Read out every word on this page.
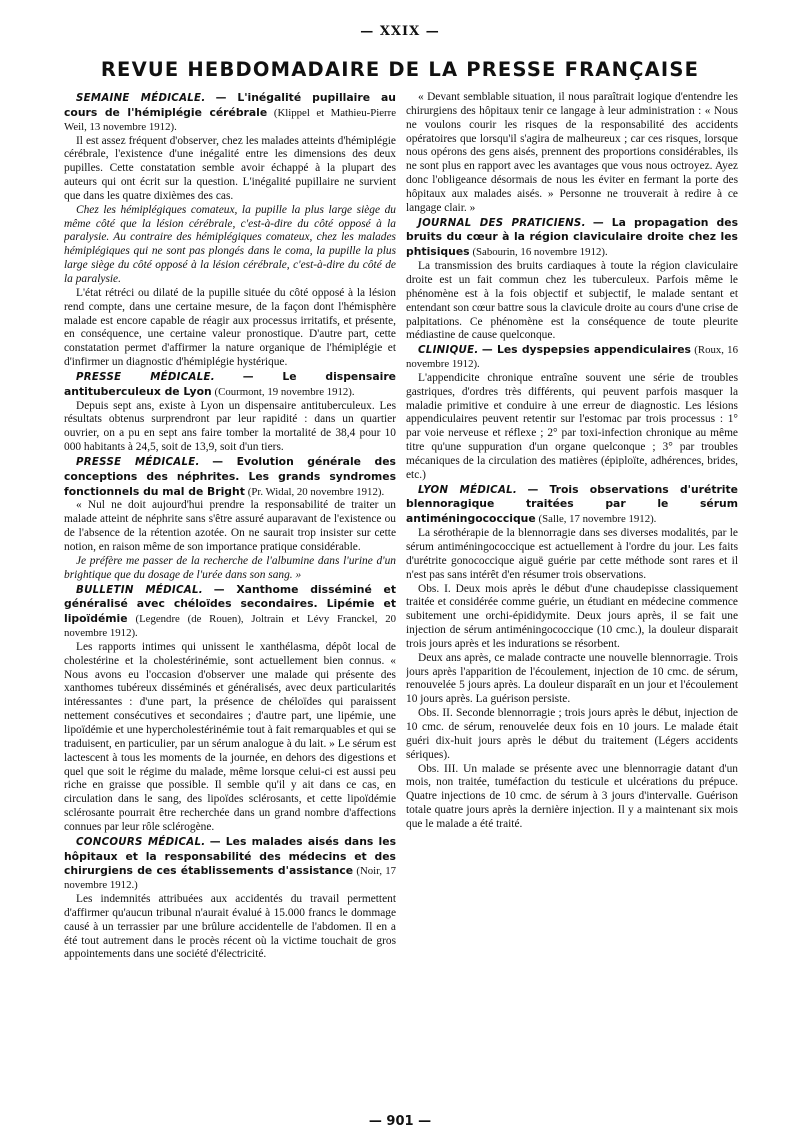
— XXIX —
REVUE HEBDOMADAIRE DE LA PRESSE FRANÇAISE

SEMAINE MÉDICALE. — L'inégalité pupillaire au cours de l'hémiplégie cérébrale (Klippel et Mathieu-Pierre Weil, 13 novembre 1912).

Il est assez fréquent d'observer, chez les malades atteints d'hémiplégie cérébrale, l'existence d'une inégalité entre les dimensions des deux pupilles. Cette constatation semble avoir échappé à la plupart des auteurs qui ont écrit sur la question. L'inégalité pupillaire ne survient que dans les quatre dixièmes des cas.

Chez les hémiplégiques comateux, la pupille la plus large siège du même côté que la lésion cérébrale, c'est-à-dire du côté opposé à la paralysie. Au contraire des hémiplégiques comateux, chez les malades hémiplégiques qui ne sont pas plongés dans le coma, la pupille la plus large siège du côté opposé à la lésion cérébrale, c'est-à-dire du côté de la paralysie.

L'état rétréci ou dilaté de la pupille située du côté opposé à la lésion rend compte, dans une certaine mesure, de la façon dont l'hémisphère malade est encore capable de réagir aux processus irritatifs, et présente, en conséquence, une certaine valeur pronostique. D'autre part, cette constatation permet d'affirmer la nature organique de l'hémiplégie et d'infirmer un diagnostic d'hémiplégie hystérique.

PRESSE MÉDICALE.	— Le dispensaire antituberculeux de Lyon (Courmont, 19 novembre 1912).

Depuis sept ans, existe à Lyon un dispensaire antituberculeux. Les résultats obtenus surprendront par leur rapidité : dans un quartier ouvrier, on a pu en sept ans faire tomber la mortalité de 38,4 pour 10 000 habitants à 24,5, soit de 13,9, soit d'un tiers.

PRESSE MÉDICALE. — Evolution générale des conceptions des néphrites. Les grands syndromes fonctionnels du mal de Bright (Pr. Widal, 20 novembre 1912).

« Nul ne doit aujourd'hui prendre la responsabilité de traiter un malade atteint de néphrite sans s'être assuré auparavant de l'existence ou de l'absence de la rétention azotée. On ne saurait trop insister sur cette notion, en raison même de son importance pratique considérable.

Je préfère me passer de la recherche de l'albumine dans l'urine d'un brightique que du dosage de l'urée dans son sang. »

BULLETIN MÉDICAL. — Xanthome disséminé et généralisé avec chéloïdes secondaires. Lipémie et lipoïdémie (Legendre (de Rouen), Joltrain et Lévy Franckel, 20 novembre 1912).

Les rapports intimes qui unissent le xanthélasma, dépôt local de cholestérine et la cholestérinémie, sont actuellement bien connus. « Nous avons eu l'occasion d'observer une malade qui présente des xanthomes tubéreux disséminés et généralisés, avec deux particularités intéressantes : d'une part, la présence de chéloïdes qui paraissent nettement consécutives et secondaires ; d'autre part, une lipémie, une lipoïdémie et une hypercholestérinémie tout à fait remarquables et qui se traduisent, en particulier, par un sérum analogue à du lait. » Le sérum est lactescent à tous les moments de la journée, en dehors des digestions et quel que soit le régime du malade, même lorsque celui-ci est aussi peu riche en graisse que possible. Il semble qu'il y ait dans ce cas, en circulation dans le sang, des lipoïdes sclérosants, et cette lipoïdémie sclérosante pourrait être recherchée dans un grand nombre d'affections connues par leur rôle sclérogène.

CONCOURS MÉDICAL. — Les malades aisés dans les hôpitaux et la responsabilité des médecins et des chirurgiens de ces établissements d'assistance (Noir, 17 novembre 1912.)

Les indemnités attribuées aux accidentés du travail permettent d'affirmer qu'aucun tribunal n'aurait évalué à 15.000 francs le dommage causé à un terrassier par une brûlure accidentelle de l'abdomen. Il en a été tout autrement dans le procès récent où la victime touchait de gros appointements dans une société d'électricité.

« Devant semblable situation, il nous paraîtrait logique d'entendre les chirurgiens des hôpitaux tenir ce langage à leur administration : « Nous ne voulons courir les risques de la responsabilité des accidents opératoires que lorsqu'il s'agira de malheureux ; car ces risques, lorsque nous opérons des gens aisés, prennent des proportions considérables, ils ne sont plus en rapport avec les avantages que vous nous octroyez. Ayez donc l'obligeance désormais de nous les éviter en fermant la porte des hôpitaux aux malades aisés. » Personne ne trouverait à redire à ce langage clair. »

JOURNAL DES PRATICIENS. — La propagation des bruits du cœur à la région claviculaire droite chez les phtisiques (Sabourin, 16 novembre 1912).

La transmission des bruits cardiaques à toute la région claviculaire droite est un fait commun chez les tuberculeux. Parfois même le phénomène est à la fois objectif et subjectif, le malade sentant et entendant son cœur battre sous la clavicule droite au cours d'une crise de palpitations. Ce phénomène est la conséquence de toute pleurite médiastine de cause quelconque.

CLINIQUE. — Les dyspepsies appendiculaires (Roux, 16 novembre 1912).

L'appendicite chronique entraîne souvent une série de troubles gastriques, d'ordres très différents, qui peuvent parfois masquer la maladie primitive et conduire à une erreur de diagnostic. Les lésions appendiculaires peuvent retentir sur l'estomac par trois processus : 1° par voie nerveuse et réflexe ; 2° par toxi-infection chronique au même titre qu'une suppuration d'un organe quelconque ; 3° par troubles mécaniques de la circulation des matières (épiploïte, adhérences, brides, etc.)

LYON MÉDICAL. — Trois observations d'urétrite blennoragique traitées par le sérum antiméningococcique (Salle, 17 novembre 1912).

La sérothérapie de la blennorragie dans ses diverses modalités, par le sérum antiméningococcique est actuellement à l'ordre du jour. Les faits d'urétrite gonococcique aiguë guérie par cette méthode sont rares et il n'est pas sans intérêt d'en résumer trois observations.

Obs. I. Deux mois après le début d'une chaudepisse classiquement traitée et considérée comme guérie, un étudiant en médecine commence subitement une orchi-épididymite. Deux jours après, il se fait une injection de sérum antiméningococcique (10 cmc.), la douleur disparait trois jours après et les indurations se résorbent.

Deux ans après, ce malade contracte une nouvelle blennorragie. Trois jours après l'apparition de l'écoulement, injection de 10 cmc. de sérum, renouvelée 5 jours après. La douleur disparaît en un jour et l'écoulement 10 jours après. La guérison persiste.

Obs. II. Seconde blennorragie ; trois jours après le début, injection de 10 cmc. de sérum, renouvelée deux fois en 10 jours. Le malade était guéri dix-huit jours après le début du traitement (Légers accidents sériques).

Obs. III. Un malade se présente avec une blennorragie datant d'un mois, non traitée, tuméfaction du testicule et ulcérations du prépuce. Quatre injections de 10 cmc. de sérum à 3 jours d'intervalle. Guérison totale quatre jours après la dernière injection. Il y a maintenant six mois que le malade a été traité.

— 901 —
